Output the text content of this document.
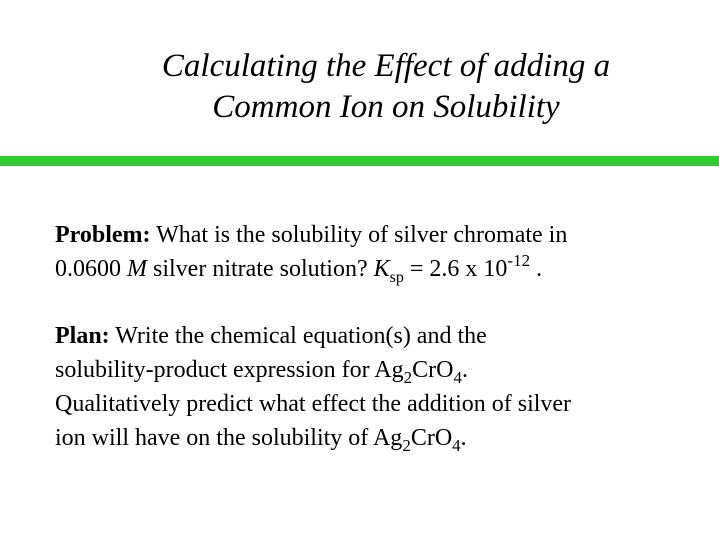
Calculating the Effect of adding a
Common Ion on Solubility
Problem: What is the solubility of silver chromate in
0.0600 M silver nitrate solution? $K_{sp} = 2.6$ x $10^{-12}$ .
Plan: Write the chemical equation(s) and the
solubility-product expression for $Ag_2CrO_4$.
Qualitatively predict what effect the addition of silver
ion will have on the solubility of $Ag_2CrO_4$.
